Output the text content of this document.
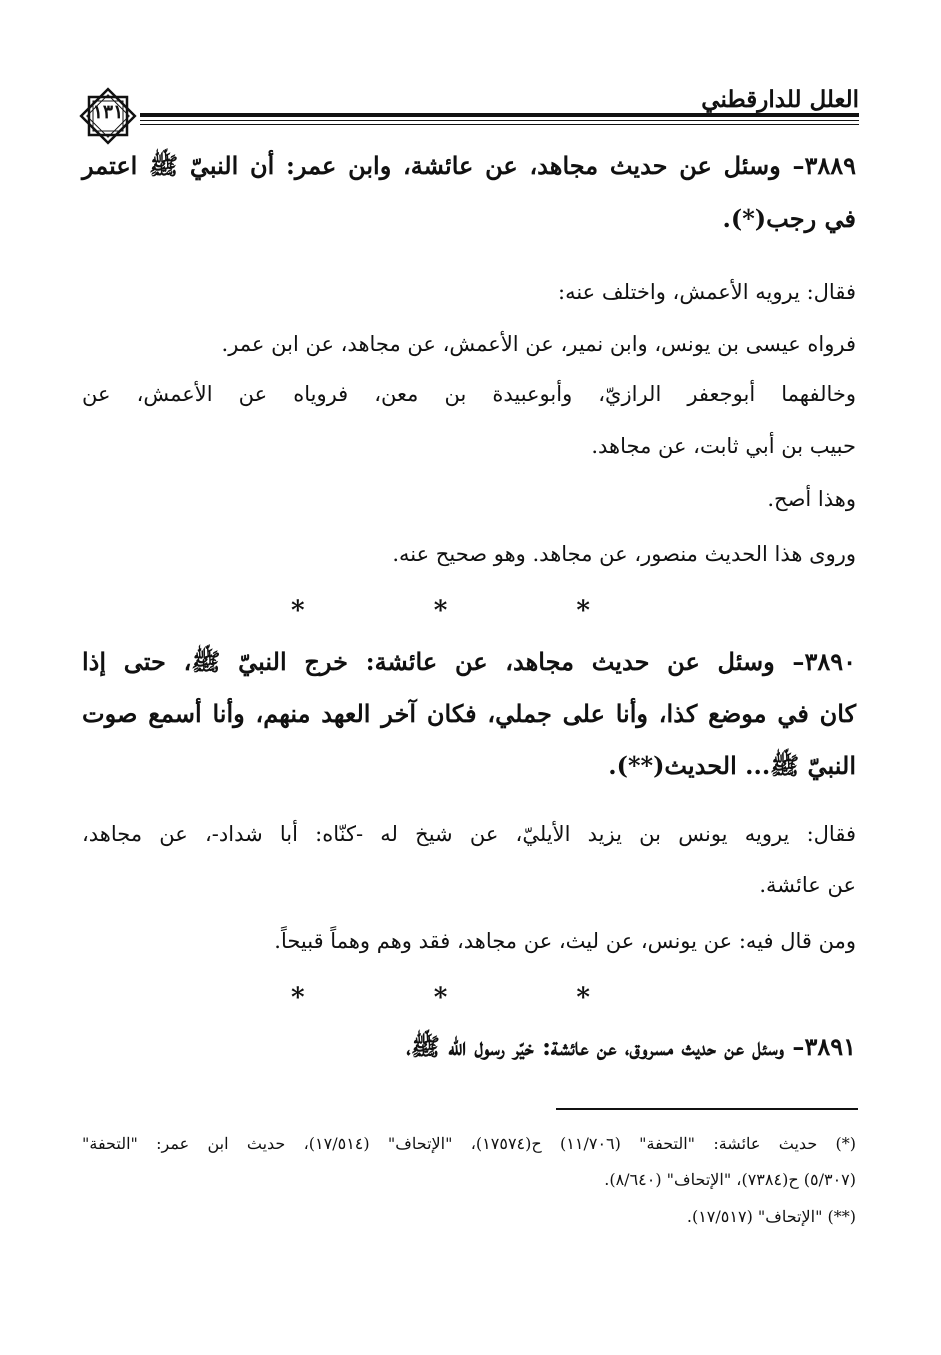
العلل للدارقطني
١٣١
٣٨٨٩– وسئل عن حديث مجاهد، عن عائشة، وابن عمر: أن النبيّ ﷺ اعتمر
في رجب(*).
فقال: يرويه الأعمش، واختلف عنه:
فرواه عيسى بن يونس، وابن نمير، عن الأعمش، عن مجاهد، عن ابن عمر.
وخالفهما أبوجعفر الرازيّ، وأبوعبيدة بن معن، فروياه عن الأعمش، عن
حبيب بن أبي ثابت، عن مجاهد.
وهذا أصح.
وروى هذا الحديث منصور، عن مجاهد. وهو صحيح عنه.
* * *
٣٨٩٠– وسئل عن حديث مجاهد، عن عائشة: خرج النبيّ ﷺ، حتى إذا
كان في موضع كذا، وأنا على جملي، فكان آخر العهد منهم، وأنا أسمع صوت
النبيّ ﷺ... الحديث(**).
فقال: يرويه يونس بن يزيد الأيليّ، عن شيخ له -كنّاه: أبا شداد-، عن مجاهد،
عن عائشة.
ومن قال فيه: عن يونس، عن ليث، عن مجاهد، فقد وهم وهماً قبيحاً.
* * *
٣٨٩١– وسئل عن حديث مسروق، عن عائشة: خيّر رسول الله ﷺ،
(*) حديث عائشة: "التحفة" (١١/٧٠٦) ح(١٧٥٧٤)، "الإتحاف" (١٧/٥١٤)، حديث ابن عمر: "التحفة"
(٥/٣٠٧) ح(٧٣٨٤)، "الإتحاف" (٨/٦٤٠).
(**) "الإتحاف" (١٧/٥١٧).
